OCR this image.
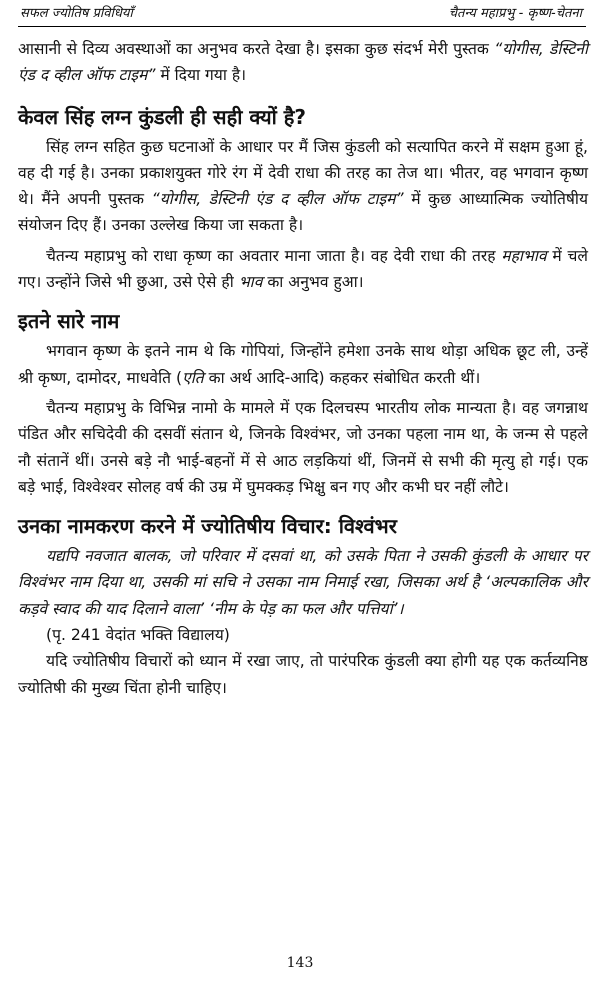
सफल ज्योतिष प्रविधियाँ	चैतन्य महाप्रभु - कृष्ण-चेतना

आसानी से दिव्य अवस्थाओं का अनुभव करते देखा है। इसका कुछ संदर्भ मेरी पुस्तक “योगीस, डेस्टिनी एंड द व्हील ऑफ टाइम” में दिया गया है।

केवल सिंह लग्न कुंडली ही सही क्यों है?

सिंह लग्न सहित कुछ घटनाओं के आधार पर मैं जिस कुंडली को सत्यापित करने में सक्षम हुआ हूं, वह दी गई है। उनका प्रकाशयुक्त गोरे रंग में देवी राधा की तरह का तेज था। भीतर, वह भगवान कृष्ण थे। मैंने अपनी पुस्तक “योगीस, डेस्टिनी एंड द व्हील ऑफ टाइम” में कुछ आध्यात्मिक ज्योतिषीय संयोजन दिए हैं। उनका उल्लेख किया जा सकता है।

चैतन्य महाप्रभु को राधा कृष्ण का अवतार माना जाता है। वह देवी राधा की तरह महाभाव में चले गए। उन्होंने जिसे भी छुआ, उसे ऐसे ही भाव का अनुभव हुआ।

इतने सारे नाम

भगवान कृष्ण के इतने नाम थे कि गोपियां, जिन्होंने हमेशा उनके साथ थोड़ा अधिक छूट ली, उन्हें श्री कृष्ण, दामोदर, माधवेति (एति का अर्थ आदि-आदि) कहकर संबोधित करती थीं।

चैतन्य महाप्रभु के विभिन्न नामो के मामले में एक दिलचस्प भारतीय लोक मान्यता है। वह जगन्नाथ पंडित और सचिदेवी की दसवीं संतान थे, जिनके विश्वंभर, जो उनका पहला नाम था, के जन्म से पहले नौ संतानें थीं। उनसे बड़े नौ भाई-बहनों में से आठ लड़कियां थीं, जिनमें से सभी की मृत्यु हो गई। एक बड़े भाई, विश्वेश्वर सोलह वर्ष की उम्र में घुमक्कड़ भिक्षु बन गए और कभी घर नहीं लौटे।

उनका नामकरण करने में ज्योतिषीय विचार: विश्वंभर

यद्यपि नवजात बालक, जो परिवार में दसवां था, को उसके पिता ने उसकी कुंडली के आधार पर विश्वंभर नाम दिया था, उसकी मां सचि ने उसका नाम निमाई रखा, जिसका अर्थ है ‘अल्पकालिक और कड़वे स्वाद की याद दिलाने वाला’ ‘नीम के पेड़ का फल और पत्तियां’।

(पृ. 241 वेदांत भक्ति विद्यालय)

यदि ज्योतिषीय विचारों को ध्यान में रखा जाए, तो पारंपरिक कुंडली क्या होगी यह एक कर्तव्यनिष्ठ ज्योतिषी की मुख्य चिंता होनी चाहिए।

143
